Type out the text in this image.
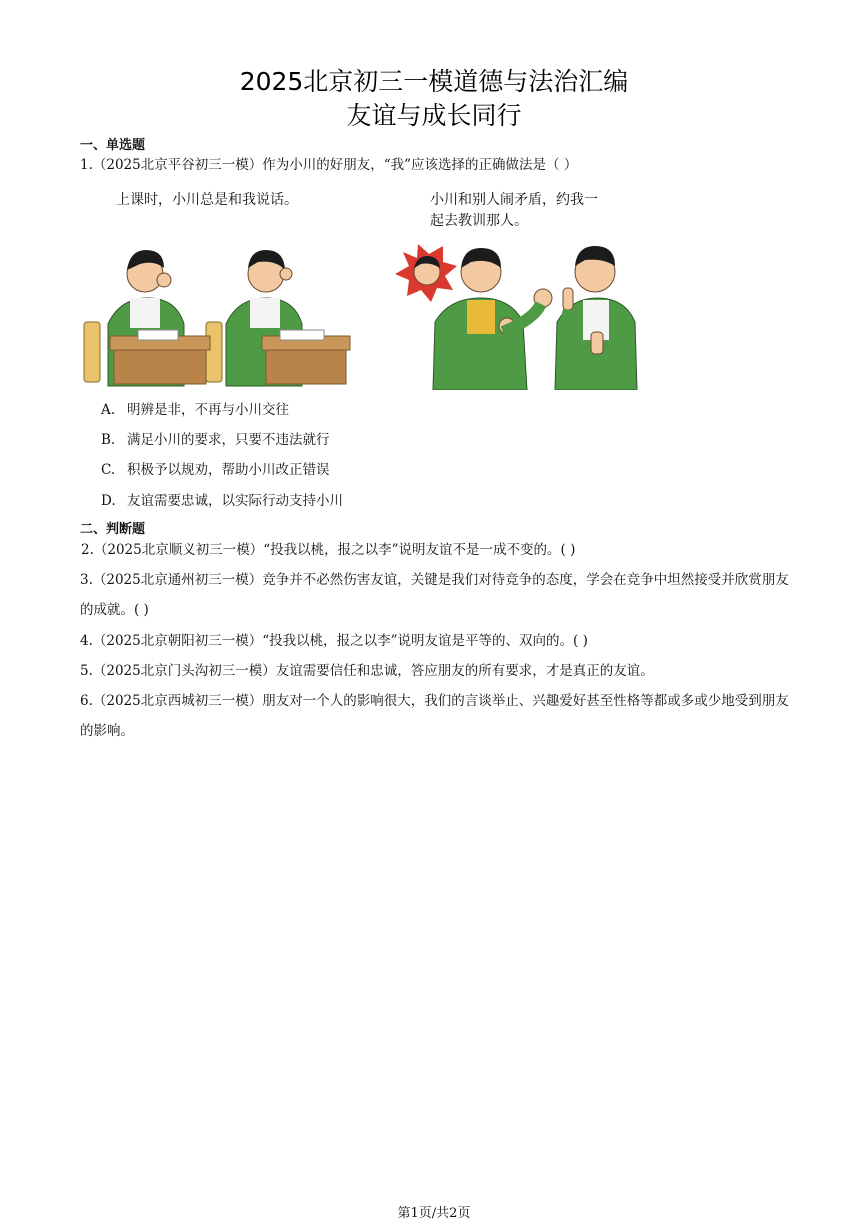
2025北京初三一模道德与法治汇编
友谊与成长同行
一、单选题
1.（2025北京平谷初三一模）作为小川的好朋友，“我”应该选择的正确做法是（ ）
上课时，小川总是和我说话。	小川和别人闹矛盾，约我一
起去教训那人。
A. 明辨是非，不再与小川交往
B. 满足小川的要求，只要不违法就行
C. 积极予以规劝，帮助小川改正错误
D. 友谊需要忠诚，以实际行动支持小川
二、判断题
2.（2025北京顺义初三一模）“投我以桃，报之以李”说明友谊不是一成不变的。( )
3.（2025北京通州初三一模）竞争并不必然伤害友谊，关键是我们对待竞争的态度，学会在竞争中坦然接受并欣赏朋友的成就。( )
4.（2025北京朝阳初三一模）“投我以桃，报之以李”说明友谊是平等的、双向的。( )
5.（2025北京门头沟初三一模）友谊需要信任和忠诚，答应朋友的所有要求，才是真正的友谊。
6.（2025北京西城初三一模）朋友对一个人的影响很大，我们的言谈举止、兴趣爱好甚至性格等都或多或少地受到朋友的影响。
第1页/共2页
